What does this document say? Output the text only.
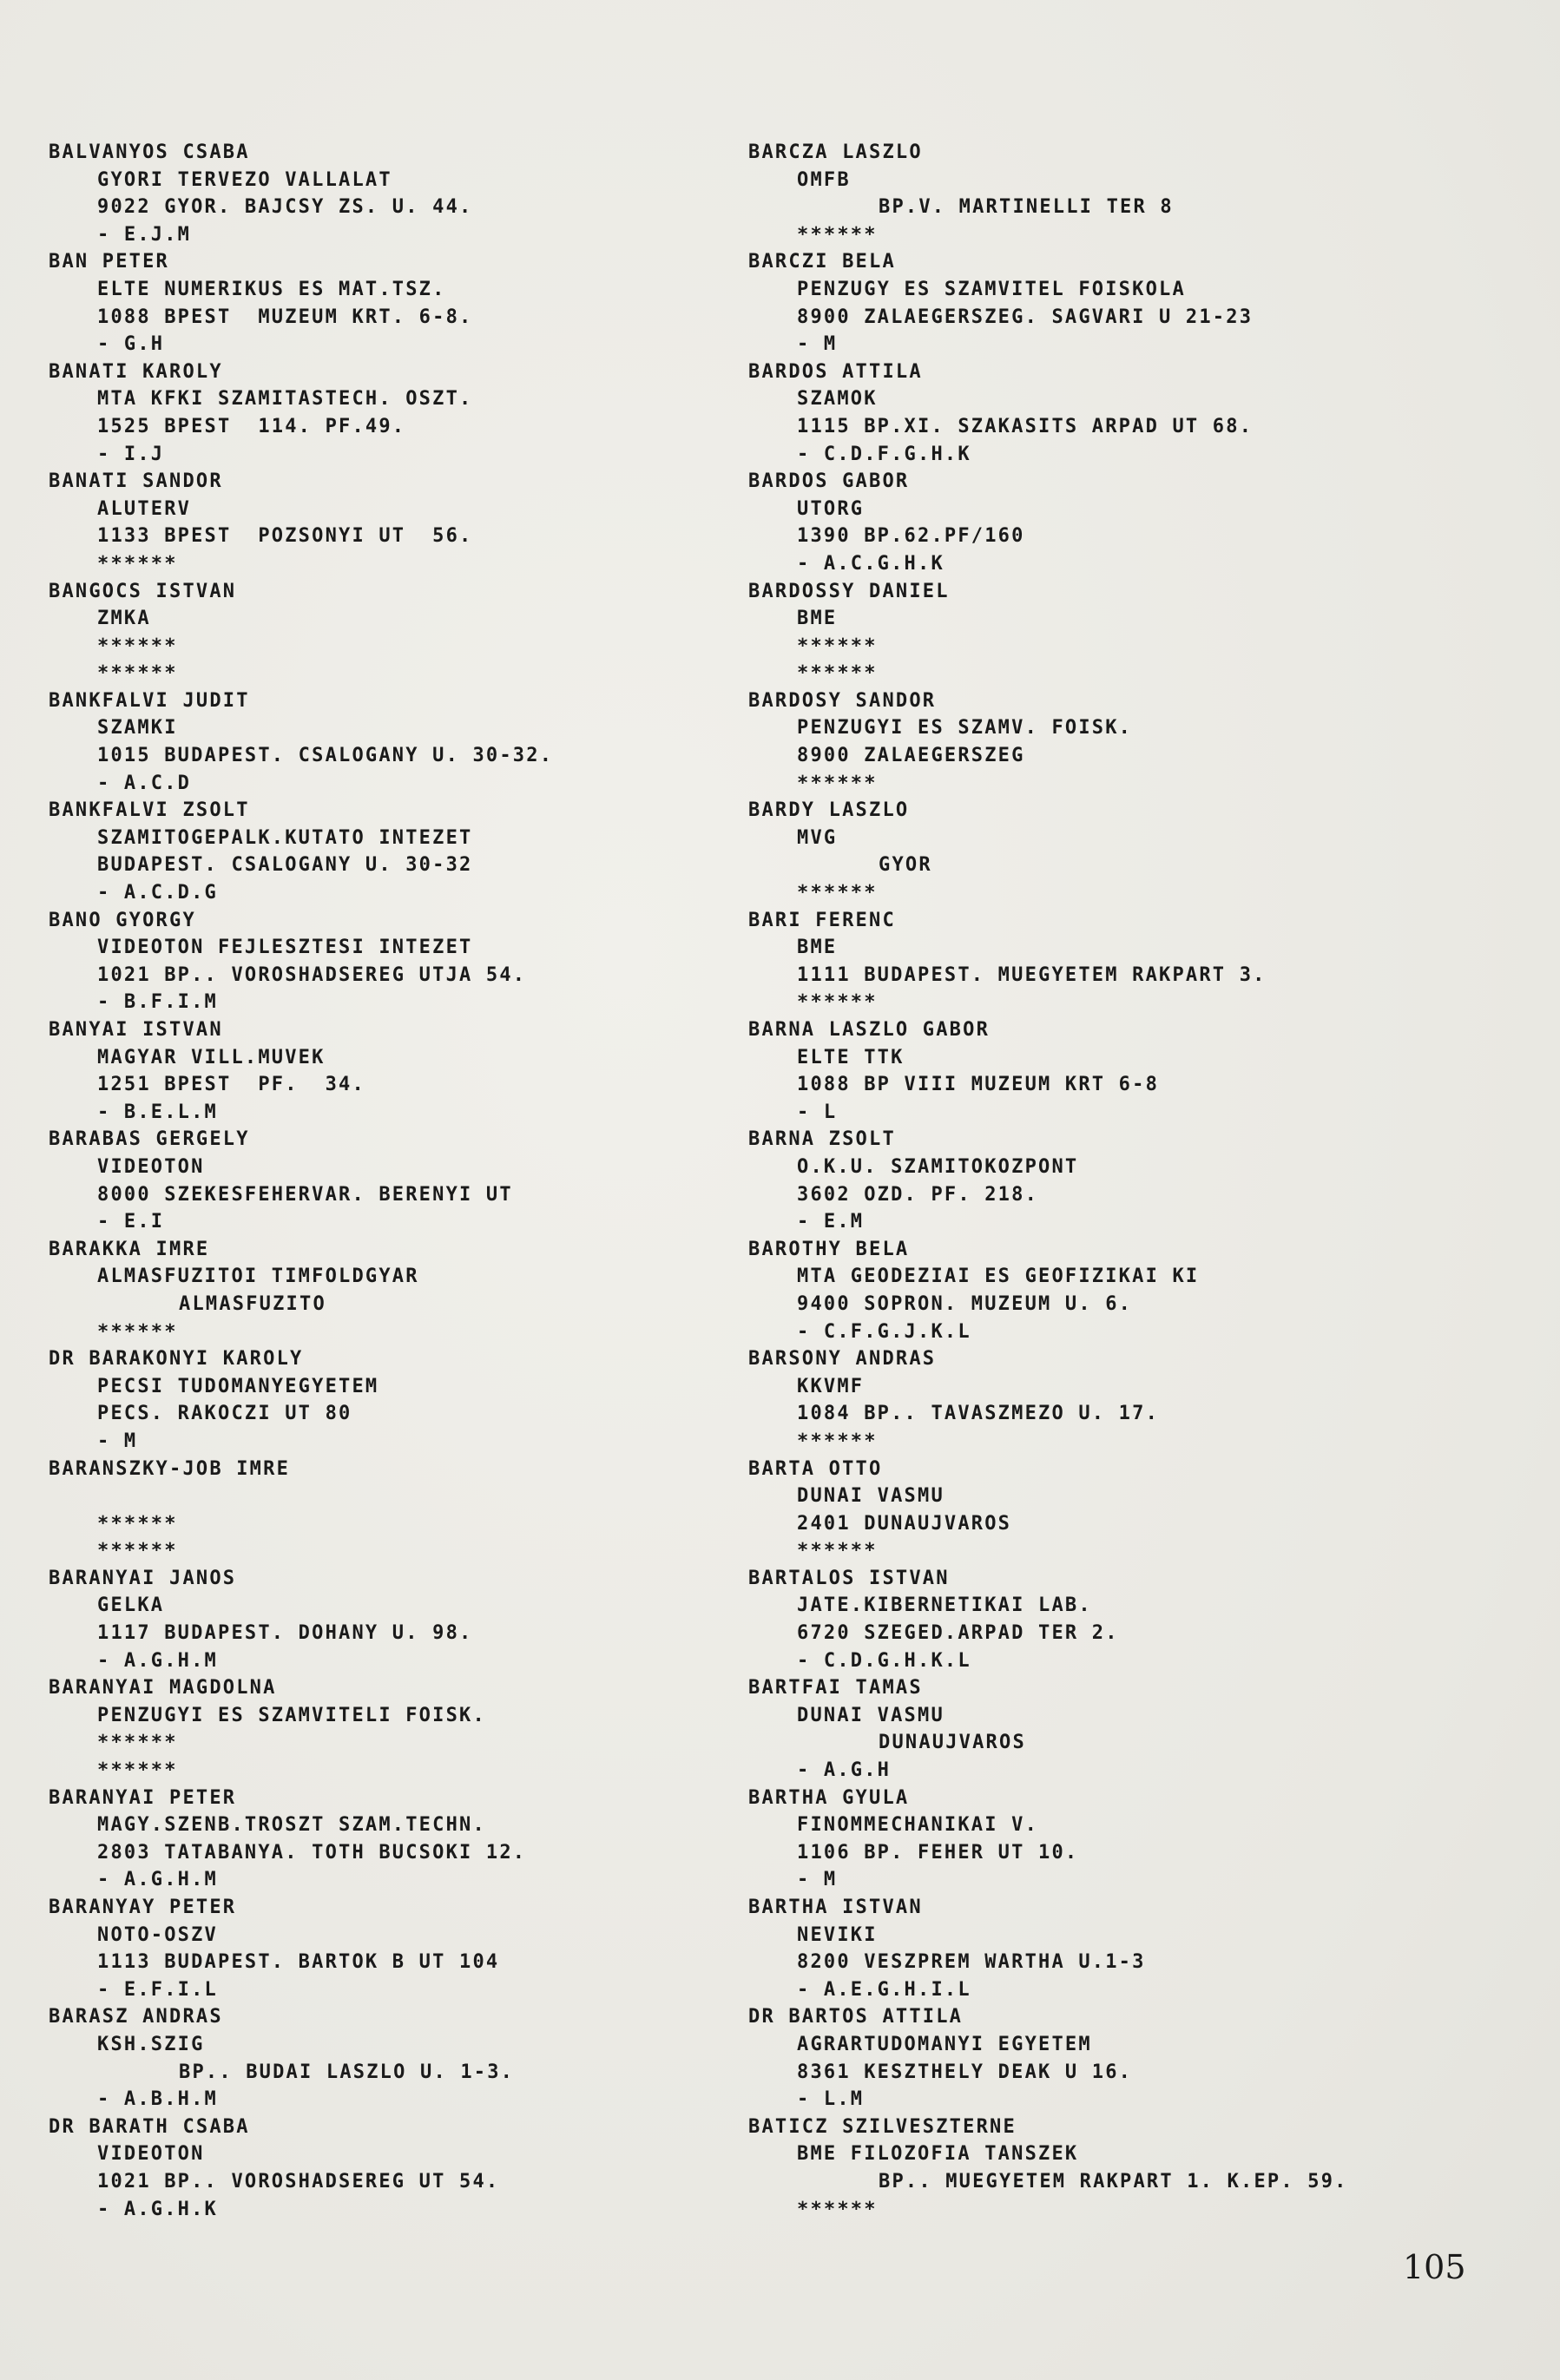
BALVANYOS CSABA
GYORI TERVEZO VALLALAT
9022 GYOR. BAJCSY ZS. U. 44.
- E.J.M
BAN PETER
ELTE NUMERIKUS ES MAT.TSZ.
1088 BPEST  MUZEUM KRT. 6-8.
- G.H
BANATI KAROLY
MTA KFKI SZAMITASTECH. OSZT.
1525 BPEST  114. PF.49.
- I.J
BANATI SANDOR
ALUTERV
1133 BPEST  POZSONYI UT  56.
******
BANGOCS ISTVAN
ZMKA
******
******
BANKFALVI JUDIT
SZAMKI
1015 BUDAPEST. CSALOGANY U. 30-32.
- A.C.D
BANKFALVI ZSOLT
SZAMITOGEPALK.KUTATO INTEZET
BUDAPEST. CSALOGANY U. 30-32
- A.C.D.G
BANO GYORGY
VIDEOTON FEJLESZTESI INTEZET
1021 BP.. VOROSHADSEREG UTJA 54.
- B.F.I.M
BANYAI ISTVAN
MAGYAR VILL.MUVEK
1251 BPEST  PF.  34.
- B.E.L.M
BARABAS GERGELY
VIDEOTON
8000 SZEKESFEHERVAR. BERENYI UT
- E.I
BARAKKA IMRE
ALMASFUZITOI TIMFOLDGYAR
ALMASFUZITO
******
DR BARAKONYI KAROLY
PECSI TUDOMANYEGYETEM
PECS. RAKOCZI UT 80
- M
BARANSZKY-JOB IMRE
******
******
BARANYAI JANOS
GELKA
1117 BUDAPEST. DOHANY U. 98.
- A.G.H.M
BARANYAI MAGDOLNA
PENZUGYI ES SZAMVITELI FOISK.
******
******
BARANYAI PETER
MAGY.SZENB.TROSZT SZAM.TECHN.
2803 TATABANYA. TOTH BUCSOKI 12.
- A.G.H.M
BARANYAY PETER
NOTO-OSZV
1113 BUDAPEST. BARTOK B UT 104
- E.F.I.L
BARASZ ANDRAS
KSH.SZIG
BP.. BUDAI LASZLO U. 1-3.
- A.B.H.M
DR BARATH CSABA
VIDEOTON
1021 BP.. VOROSHADSEREG UT 54.
- A.G.H.K
BARCZA LASZLO
OMFB
BP.V. MARTINELLI TER 8
******
BARCZI BELA
PENZUGY ES SZAMVITEL FOISKOLA
8900 ZALAEGERSZEG. SAGVARI U 21-23
- M
BARDOS ATTILA
SZAMOK
1115 BP.XI. SZAKASITS ARPAD UT 68.
- C.D.F.G.H.K
BARDOS GABOR
UTORG
1390 BP.62.PF/160
- A.C.G.H.K
BARDOSSY DANIEL
BME
******
******
BARDOSY SANDOR
PENZUGYI ES SZAMV. FOISK.
8900 ZALAEGERSZEG
******
BARDY LASZLO
MVG
GYOR
******
BARI FERENC
BME
1111 BUDAPEST. MUEGYETEM RAKPART 3.
******
BARNA LASZLO GABOR
ELTE TTK
1088 BP VIII MUZEUM KRT 6-8
- L
BARNA ZSOLT
O.K.U. SZAMITOKOZPONT
3602 OZD. PF. 218.
- E.M
BAROTHY BELA
MTA GEODEZIAI ES GEOFIZIKAI KI
9400 SOPRON. MUZEUM U. 6.
- C.F.G.J.K.L
BARSONY ANDRAS
KKVMF
1084 BP.. TAVASZMEZO U. 17.
******
BARTA OTTO
DUNAI VASMU
2401 DUNAUJVAROS
******
BARTALOS ISTVAN
JATE.KIBERNETIKAI LAB.
6720 SZEGED.ARPAD TER 2.
- C.D.G.H.K.L
BARTFAI TAMAS
DUNAI VASMU
DUNAUJVAROS
- A.G.H
BARTHA GYULA
FINOMMECHANIKAI V.
1106 BP. FEHER UT 10.
- M
BARTHA ISTVAN
NEVIKI
8200 VESZPREM WARTHA U.1-3
- A.E.G.H.I.L
DR BARTOS ATTILA
AGRARTUDOMANYI EGYETEM
8361 KESZTHELY DEAK U 16.
- L.M
BATICZ SZILVESZTERNE
BME FILOZOFIA TANSZEK
BP.. MUEGYETEM RAKPART 1. K.EP. 59.
******
105
